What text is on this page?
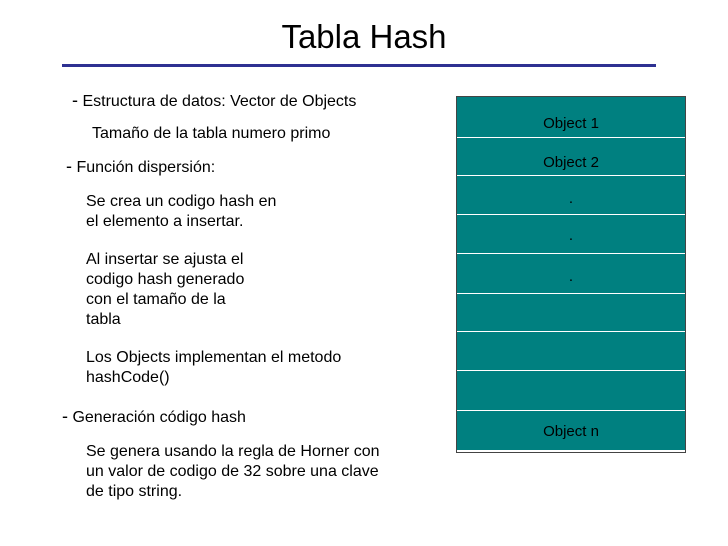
Tabla Hash
- Estructura de datos: Vector de Objects
Tamaño de la tabla numero primo
- Función dispersión:
Se crea un codigo hash en
el elemento a insertar.
Al insertar se ajusta el
codigo hash generado
con el tamaño de la
tabla
Los Objects implementan el metodo
hashCode()
- Generación código hash
Se genera usando la regla de Horner con
un valor de codigo de 32 sobre una clave
de tipo string.
Object 1
Object 2
.
.
.
Object n
